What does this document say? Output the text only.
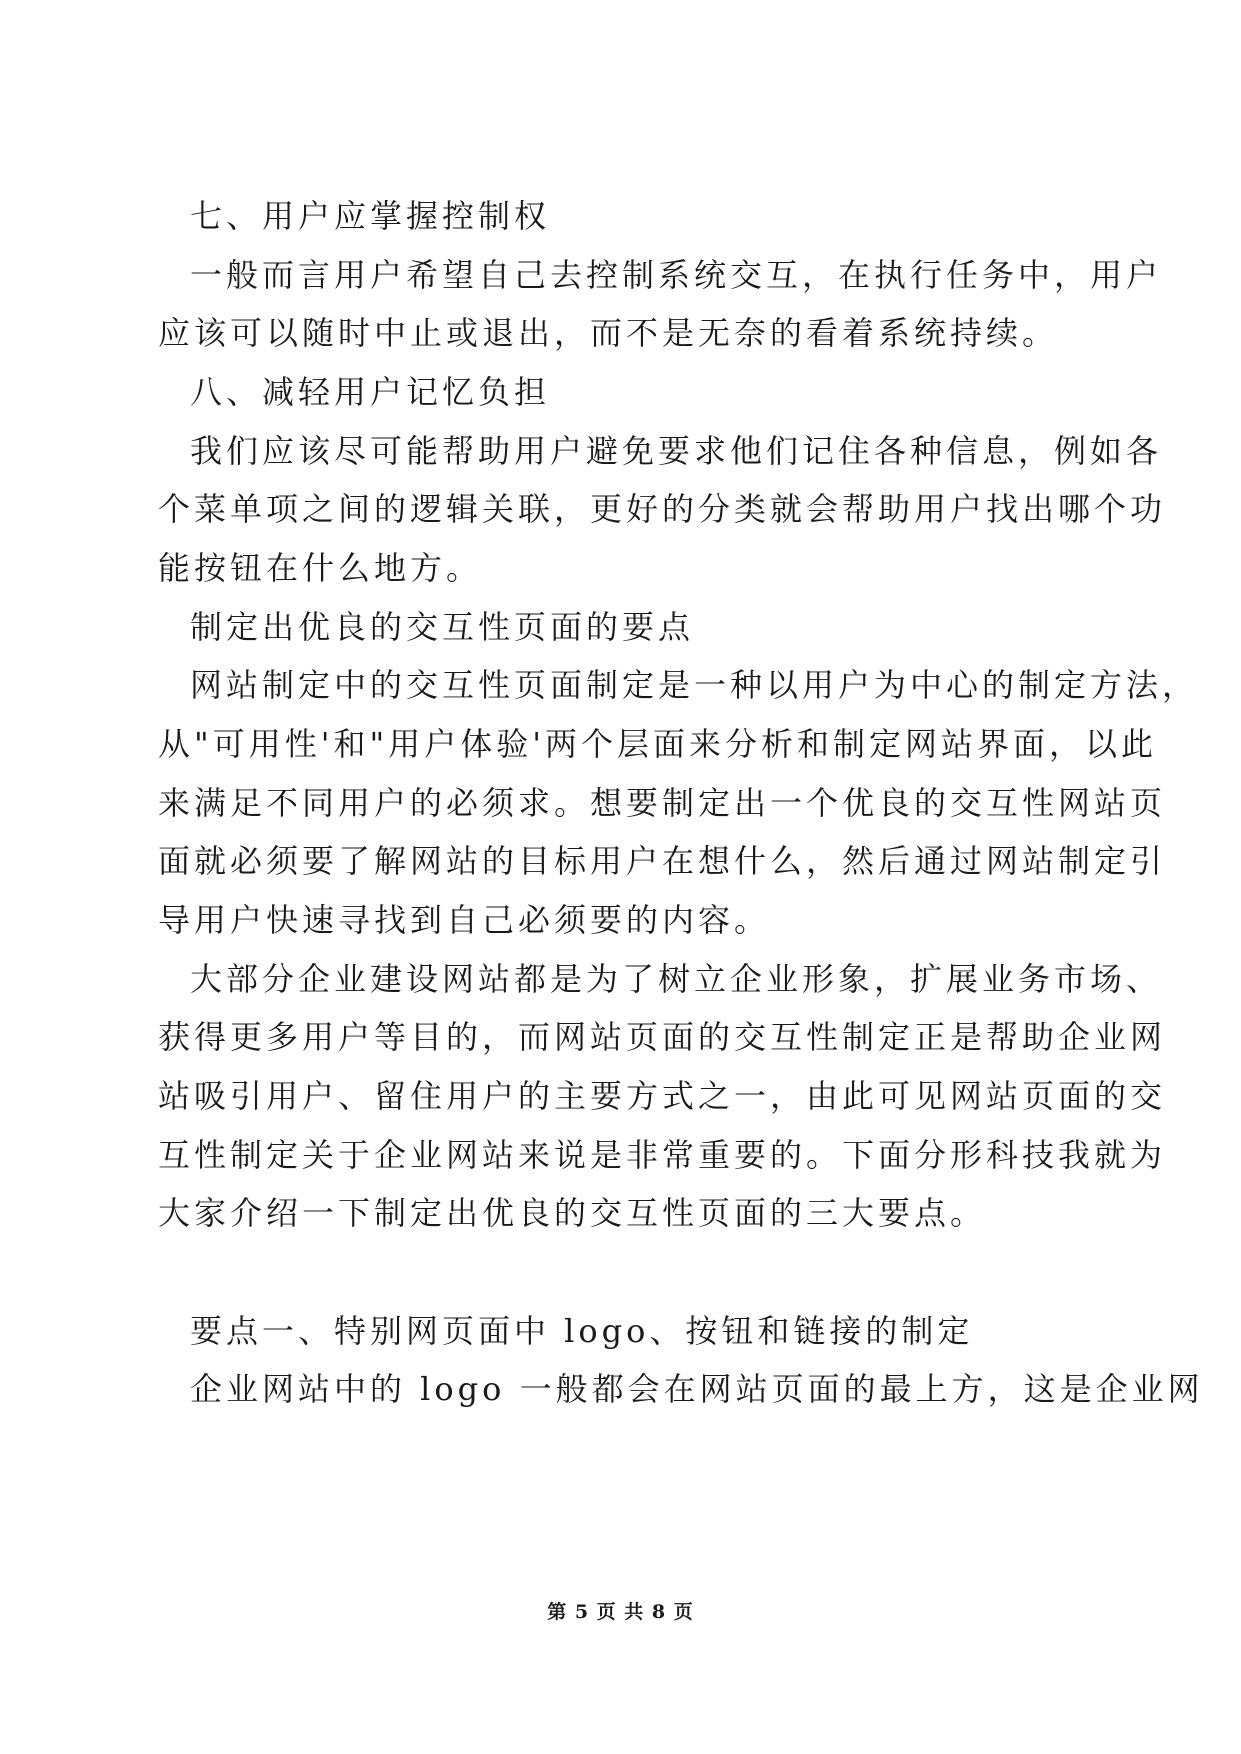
七、用户应掌握控制权
一般而言用户希望自己去控制系统交互，在执行任务中，用户
应该可以随时中止或退出，而不是无奈的看着系统持续。
八、减轻用户记忆负担
我们应该尽可能帮助用户避免要求他们记住各种信息，例如各
个菜单项之间的逻辑关联，更好的分类就会帮助用户找出哪个功
能按钮在什么地方。
制定出优良的交互性页面的要点
网站制定中的交互性页面制定是一种以用户为中心的制定方法，
从"可用性'和"用户体验'两个层面来分析和制定网站界面，以此
来满足不同用户的必须求。想要制定出一个优良的交互性网站页
面就必须要了解网站的目标用户在想什么，然后通过网站制定引
导用户快速寻找到自己必须要的内容。
大部分企业建设网站都是为了树立企业形象，扩展业务市场、
获得更多用户等目的，而网站页面的交互性制定正是帮助企业网
站吸引用户、留住用户的主要方式之一，由此可见网站页面的交
互性制定关于企业网站来说是非常重要的。下面分形科技我就为
大家介绍一下制定出优良的交互性页面的三大要点。
要点一、特别网页面中 logo、按钮和链接的制定
企业网站中的 logo 一般都会在网站页面的最上方，这是企业网
第 5 页 共 8 页
